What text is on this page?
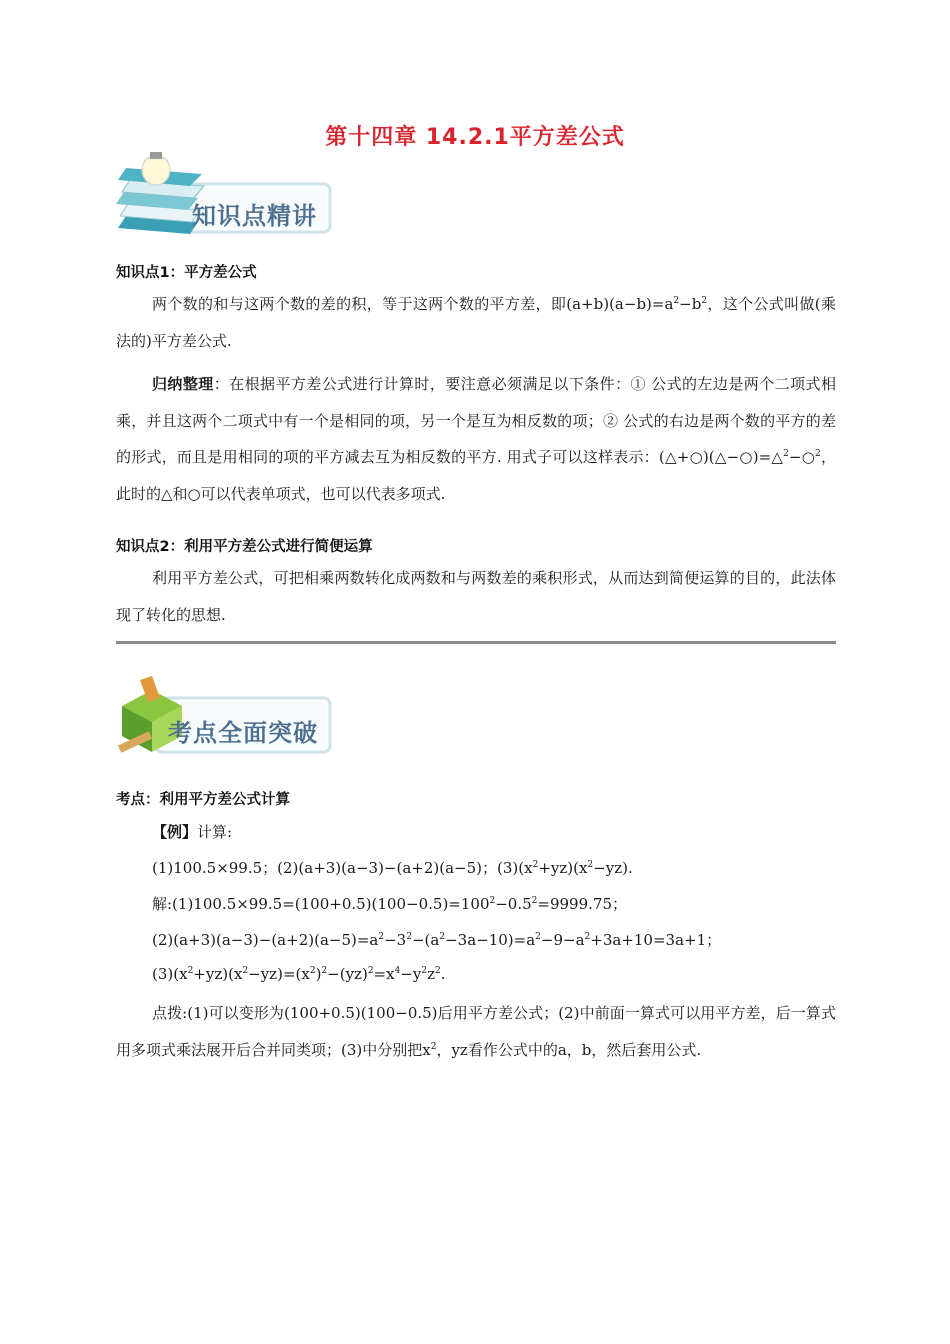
第十四章 14.2.1平方差公式
知识点精讲
知识点1：平方差公式

两个数的和与这两个数的差的积，等于这两个数的平方差，即$(a+b)(a-b)=a^2-b^2$，这个公式叫做(乘法的)平方差公式.

归纳整理：在根据平方差公式进行计算时，要注意必须满足以下条件：① 公式的左边是两个二项式相乘，并且这两个二项式中有一个是相同的项，另一个是互为相反数的项；② 公式的右边是两个数的平方的差的形式，而且是用相同的项的平方减去互为相反数的平方. 用式子可以这样表示：(△+○)(△−○)=△$^2$−○$^2$，此时的△和○可以代表单项式，也可以代表多项式.

知识点2：利用平方差公式进行简便运算

利用平方差公式，可把相乘两数转化成两数和与两数差的乘积形式，从而达到简便运算的目的，此法体现了转化的思想.

考点全面突破
考点：利用平方差公式计算

【例】计算:

(1)100.5×99.5；(2)(a+3)(a−3)−(a+2)(a−5)；$(3)(x^2+yz)(x^2-yz)$.

解$:(1)100.5\times 99.5=(100+0.5)(100-0.5)=100^2-0.5^2=9999.75$；

$(2)(a+3)(a-3)-(a+2)(a-5)=a^2-3^2-(a^2-3a-10)=a^2-9-a^2+3a+10=3a+1$；

$(3)(x^2+yz)(x^2-yz)=(x^2)^2-(yz)^2=x^4-y^2z^2$.

点拨:(1)可以变形为(100+0.5)(100−0.5)后用平方差公式；(2)中前面一算式可以用平方差，后一算式用多项式乘法展开后合并同类项；(3)中分别把$x^2$，yz看作公式中的a，b，然后套用公式.
